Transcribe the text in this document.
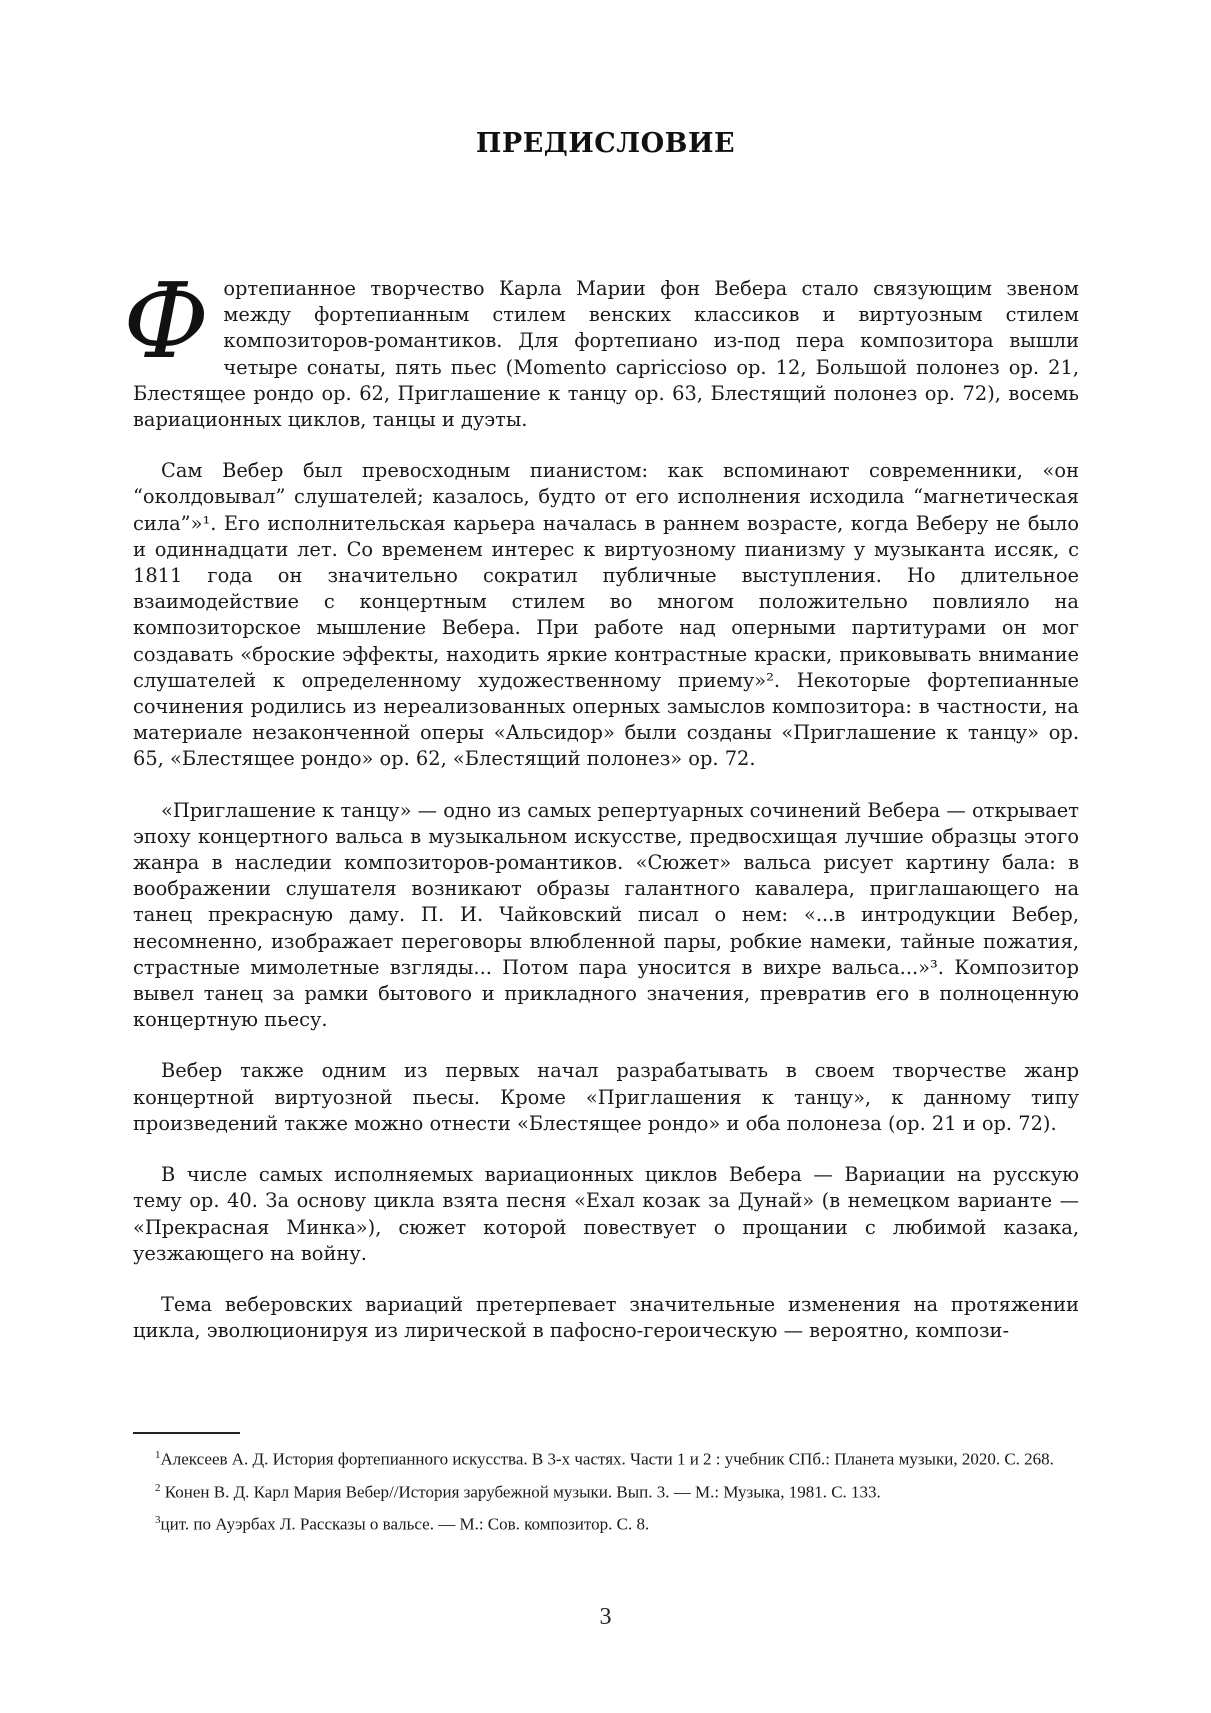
ПРЕДИСЛОВИЕ

Фортепианное творчество Карла Марии фон Вебера стало связующим звеном между фортепианным стилем венских классиков и виртуозным стилем композиторов-романтиков. Для фортепиано из-под пера композитора вышли четыре сонаты, пять пьес (Momento capriccioso ор. 12, Большой полонез ор. 21, Блестящее рондо ор. 62, Приглашение к танцу ор. 63, Блестящий полонез ор. 72), восемь вариационных циклов, танцы и дуэты.

Сам Вебер был превосходным пианистом: как вспоминают современники, «он “околдовывал” слушателей; казалось, будто от его исполнения исходила “магнетическая сила”»¹. Его исполнительская карьера началась в раннем возрасте, когда Веберу не было и одиннадцати лет. Со временем интерес к виртуозному пианизму у музыканта иссяк, с 1811 года он значительно сократил публичные выступления. Но длительное взаимодействие с концертным стилем во многом положительно повлияло на композиторское мышление Вебера. При работе над оперными партитурами он мог создавать «броские эффекты, находить яркие контрастные краски, приковывать внимание слушателей к определенному художественному приему»². Некоторые фортепианные сочинения родились из нереализованных оперных замыслов композитора: в частности, на материале незаконченной оперы «Альсидор» были созданы «Приглашение к танцу» ор. 65, «Блестящее рондо» ор. 62, «Блестящий полонез» ор. 72.

«Приглашение к танцу» — одно из самых репертуарных сочинений Вебера — открывает эпоху концертного вальса в музыкальном искусстве, предвосхищая лучшие образцы этого жанра в наследии композиторов-романтиков. «Сюжет» вальса рисует картину бала: в воображении слушателя возникают образы галантного кавалера, приглашающего на танец прекрасную даму. П. И. Чайковский писал о нем: «...в интродукции Вебер, несомненно, изображает переговоры влюбленной пары, робкие намеки, тайные пожатия, страстные мимолетные взгляды... Потом пара уносится в вихре вальса...»³. Композитор вывел танец за рамки бытового и прикладного значения, превратив его в полноценную концертную пьесу.

Вебер также одним из первых начал разрабатывать в своем творчестве жанр концертной виртуозной пьесы. Кроме «Приглашения к танцу», к данному типу произведений также можно отнести «Блестящее рондо» и оба полонеза (ор. 21 и ор. 72).

В числе самых исполняемых вариационных циклов Вебера — Вариации на русскую тему ор. 40. За основу цикла взята песня «Ехал козак за Дунай» (в немецком варианте — «Прекрасная Минка»), сюжет которой повествует о прощании с любимой казака, уезжающего на войну.

Тема веберовских вариаций претерпевает значительные изменения на протяжении цикла, эволюционируя из лирической в пафосно-героическую — вероятно, компози-

$^1$Алексеев А. Д. История фортепианного искусства. В 3-х частях. Части 1 и 2 : учебник СПб.: Планета музыки, 2020. С. 268.

$^2$ Конен В. Д. Карл Мария Вебер//История зарубежной музыки. Вып. 3. — М.: Музыка, 1981. С. 133.

$^3$цит. по Ауэрбах Л. Рассказы о вальсе. — М.: Сов. композитор. С. 8.

3
